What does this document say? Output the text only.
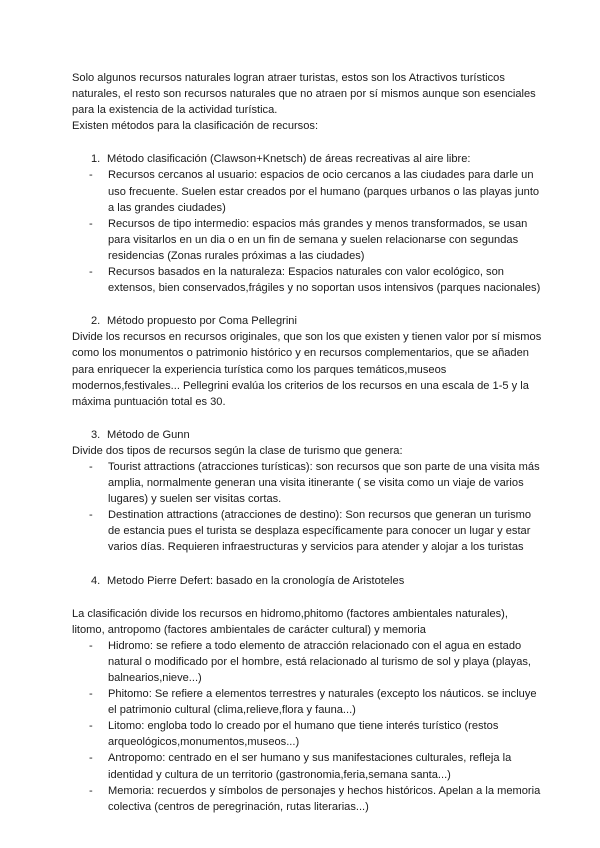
Solo algunos recursos naturales logran atraer turistas, estos son los Atractivos turísticos naturales, el resto son recursos naturales que no atraen por sí mismos aunque son esenciales para la existencia de la actividad turística.

Existen métodos para la clasificación de recursos:

1. Método clasificación (Clawson+Knetsch) de áreas recreativas al aire libre:
-	Recursos cercanos al usuario: espacios de ocio cercanos a las ciudades para darle un uso frecuente. Suelen estar creados por el humano (parques urbanos o las playas junto a las grandes ciudades)
-	Recursos de tipo intermedio: espacios más grandes y menos transformados, se usan para visitarlos en un dia o en un fin de semana y suelen relacionarse con segundas residencias (Zonas rurales próximas a las ciudades)
-	Recursos basados en la naturaleza: Espacios naturales con valor ecológico, son extensos, bien conservados,frágiles y no soportan usos intensivos (parques nacionales)
2. Método propuesto por Coma Pellegrini

Divide los recursos en recursos originales, que son los que existen y tienen valor por sí mismos como los monumentos o patrimonio histórico y en recursos complementarios, que se añaden para enriquecer la experiencia turística como los parques temáticos,museos modernos,festivales... Pellegrini evalúa los criterios de los recursos en una escala de 1-5 y la máxima puntuación total es 30.

3. Método de Gunn

Divide dos tipos de recursos según la clase de turismo que genera:

-	Tourist attractions (atracciones turísticas): son recursos que son parte de una visita más amplia, normalmente generan una visita itinerante ( se visita como un viaje de varios lugares) y suelen ser visitas cortas.
-	Destination attractions (atracciones de destino): Son recursos que generan un turismo de estancia pues el turista se desplaza específicamente para conocer un lugar y estar varios días. Requieren infraestructuras y servicios para atender y alojar a los turistas
4. Metodo Pierre Defert: basado en la cronología de Aristoteles

La clasificación divide los recursos en hidromo,phitomo (factores ambientales naturales), litomo, antropomo (factores ambientales de carácter cultural) y memoria

-	Hidromo: se refiere a todo elemento de atracción relacionado con el agua en estado natural o modificado por el hombre, está relacionado al turismo de sol y playa (playas, balnearios,nieve...)
-	Phitomo: Se refiere a elementos terrestres y naturales (excepto los náuticos. se incluye el patrimonio cultural (clima,relieve,flora y fauna...)
-	Litomo: engloba todo lo creado por el humano que tiene interés turístico (restos arqueológicos,monumentos,museos...)
-	Antropomo: centrado en el ser humano y sus manifestaciones culturales, refleja la identidad y cultura de un territorio (gastronomia,feria,semana santa...)
-	Memoria: recuerdos y símbolos de personajes y hechos históricos. Apelan a la memoria colectiva (centros de peregrinación, rutas literarias...)
